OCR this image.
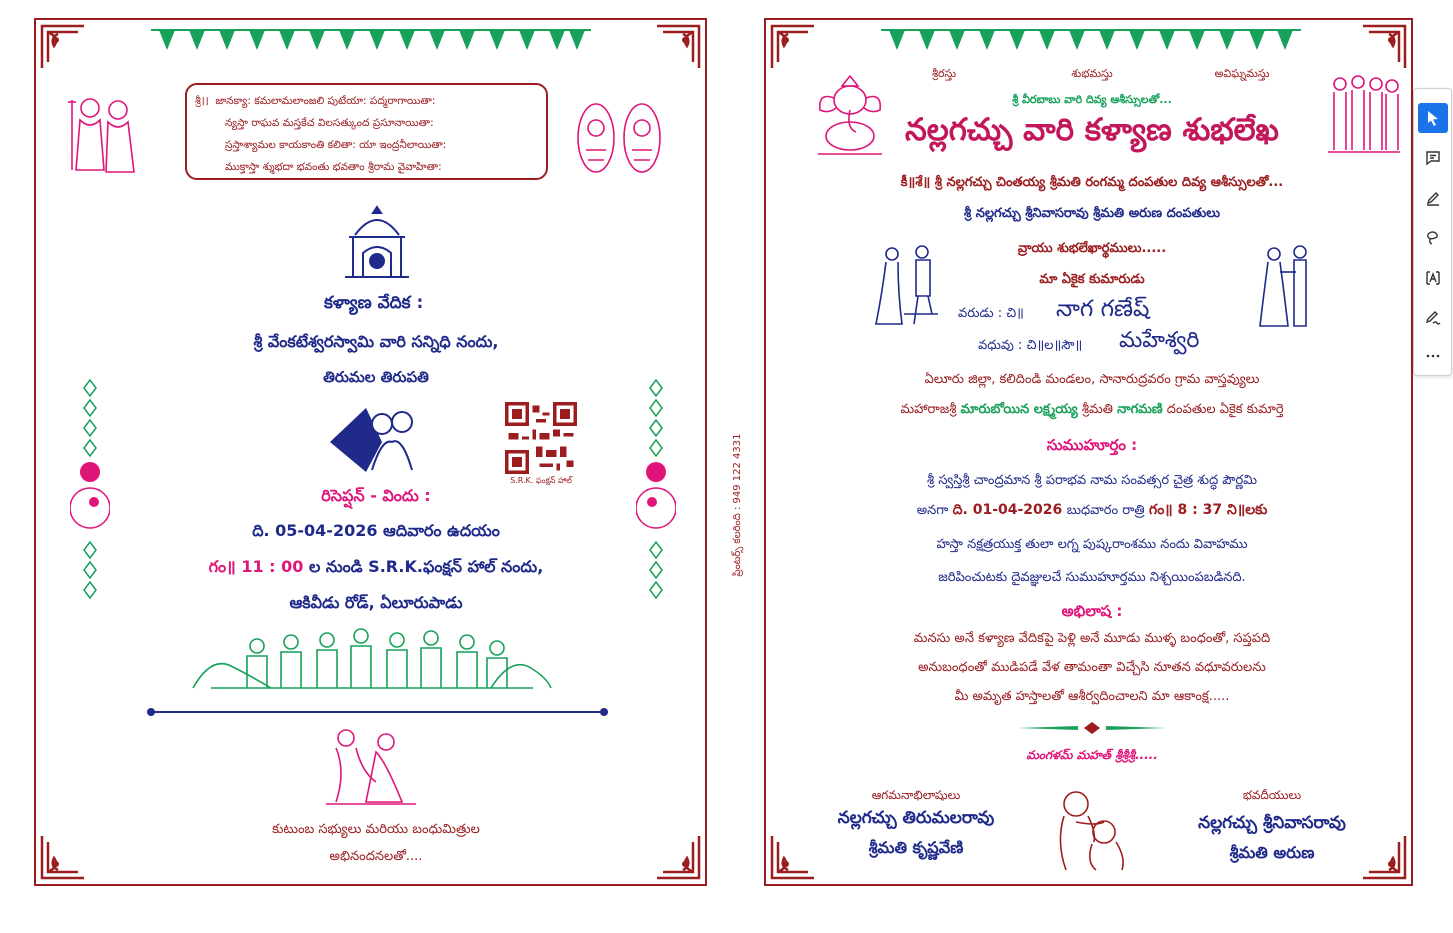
శ్రీ।। జానక్యా: కమలామలాంజలి పుటేయా: పద్మరాగాయితా:
న్యస్తా రాఘవ మస్తకేచ విలసత్కుంద ప్రసూనాయితా:
స్రస్తాశ్యామల కాయకాంతి కలితా: యా ఇంద్రనీలాయితా:
ముక్తాస్తా శ్శుభదా భవంతు భవతాం శ్రీరామ వైవాహితా:
కళ్యాణ వేదిక :
శ్రీ వేంకటేశ్వరస్వామి వారి సన్నిధి నందు,
తిరుమల తిరుపతి
S.R.K. ఫంక్షన్ హాల్
రిసెప్షన్ - విందు :
ది. 05-04-2026 ఆదివారం ఉదయం
గం॥ 11 : 00 ల నుండి S.R.K.ఫంక్షన్ హాల్ నందు,
ఆకివీడు రోడ్, ఏలూరుపాడు
కుటుంబ సభ్యులు మరియు బంధుమిత్రుల
అభినందనలతో....
ప్రింటర్స్ కలరింది : 949 122 4331
శ్రీరస్తు	శుభమస్తు	అవిఘ్నమస్తు
శ్రీ వీరబాబు వారి దివ్య ఆశీస్సులతో...
నల్లగచ్చు వారి కళ్యాణ శుభలేఖ
కీ॥శే॥ శ్రీ నల్లగచ్చు చింతయ్య శ్రీమతి రంగమ్మ దంపతుల దివ్య ఆశీస్సులతో...
శ్రీ నల్లగచ్చు శ్రీనివాసరావు శ్రీమతి అరుణ దంపతులు
వ్రాయు శుభలేఖార్థములు.....
మా ఏకైక కుమారుడు
వరుడు : చి॥ నాగ గణేష్
వధువు : చి॥ల॥సౌ॥ మహేశ్వరి
ఏలూరు జిల్లా, కలిదిండి మండలం, సానారుద్రవరం గ్రామ వాస్తవ్యులు
మహారాజశ్రీ మారుబోయిన లక్ష్మయ్య శ్రీమతి నాగమణి దంపతుల ఏకైక కుమార్తె
సుముహూర్తం :
శ్రీ స్వస్తిశ్రీ చాంద్రమాన శ్రీ పరాభవ నామ సంవత్సర చైత్ర శుద్ధ పౌర్ణమి
అనగా ది. 01-04-2026 బుధవారం రాత్రి గం॥ 8 : 37 ని॥లకు
హస్తా నక్షత్రయుక్త తులా లగ్న పుష్కరాంశము నందు వివాహము
జరిపించుటకు దైవజ్ఞులచే సుముహూర్తము నిశ్చయింపబడినది.
అభిలాష :
మనసు అనే కళ్యాణ వేదికపై పెళ్లి అనే మూడు ముళ్ళ బంధంతో, సప్తపది
అనుబంధంతో ముడిపడే వేళ తామంతా విచ్చేసి నూతన వధూవరులను
మీ అమృత హస్తాలతో ఆశీర్వదించాలని మా ఆకాంక్ష.....
మంగళమ్ మహత్ శ్రీశ్రీశ్రీ.....
ఆగమనాభిలాషులు
నల్లగచ్చు తిరుమలరావు
శ్రీమతి కృష్ణవేణి
భవదీయులు
నల్లగచ్చు శ్రీనివాసరావు
శ్రీమతి అరుణ
